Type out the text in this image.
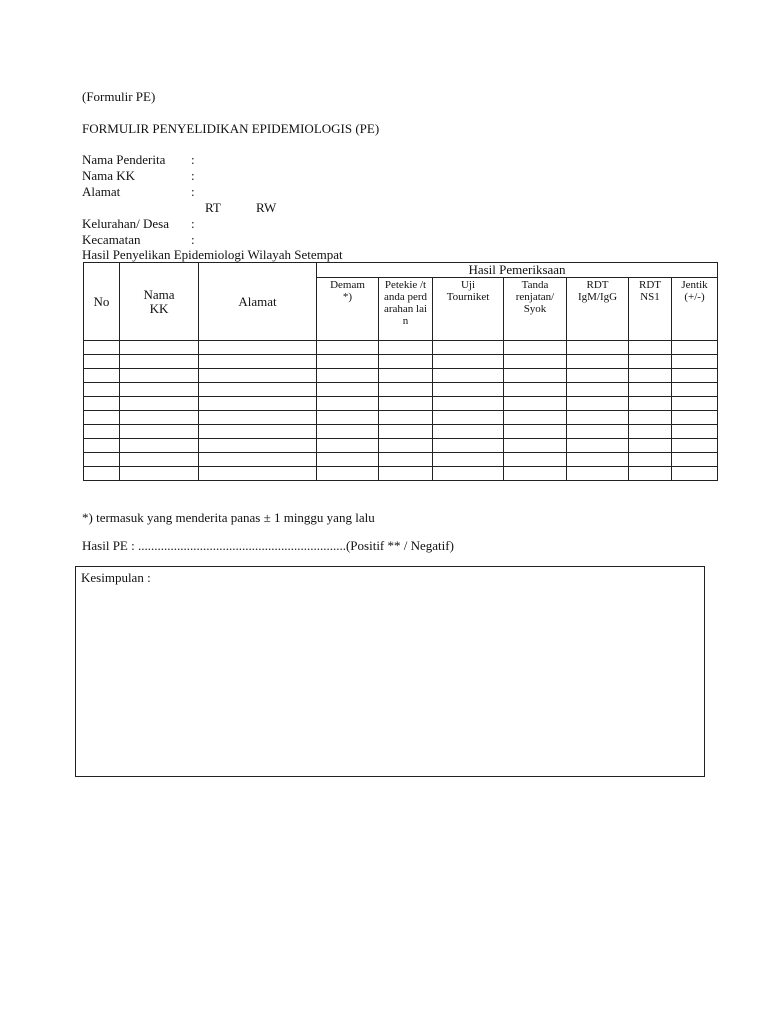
(Formulir PE)
FORMULIR PENYELIDIKAN EPIDEMIOLOGIS (PE)
Nama Penderita :
Nama KK	:
Alamat	:
RT	RW
Kelurahan/ Desa :
Kecamatan	:
Hasil Penyelikan Epidemiologi Wilayah Setempat
No	Nama KK	Alamat	Hasil Pemeriksaan						
			Demam *)	Petekie /tanda perdarahan lain	Uji Tourniket	Tanda renjatan/ Syok	RDT IgM/IgG	RDT NS1	Jentik (+/-)

*) termasuk yang menderita panas ± 1 minggu yang lalu
Hasil PE : ................................................................(Positif ** / Negatif)
Kesimpulan :
